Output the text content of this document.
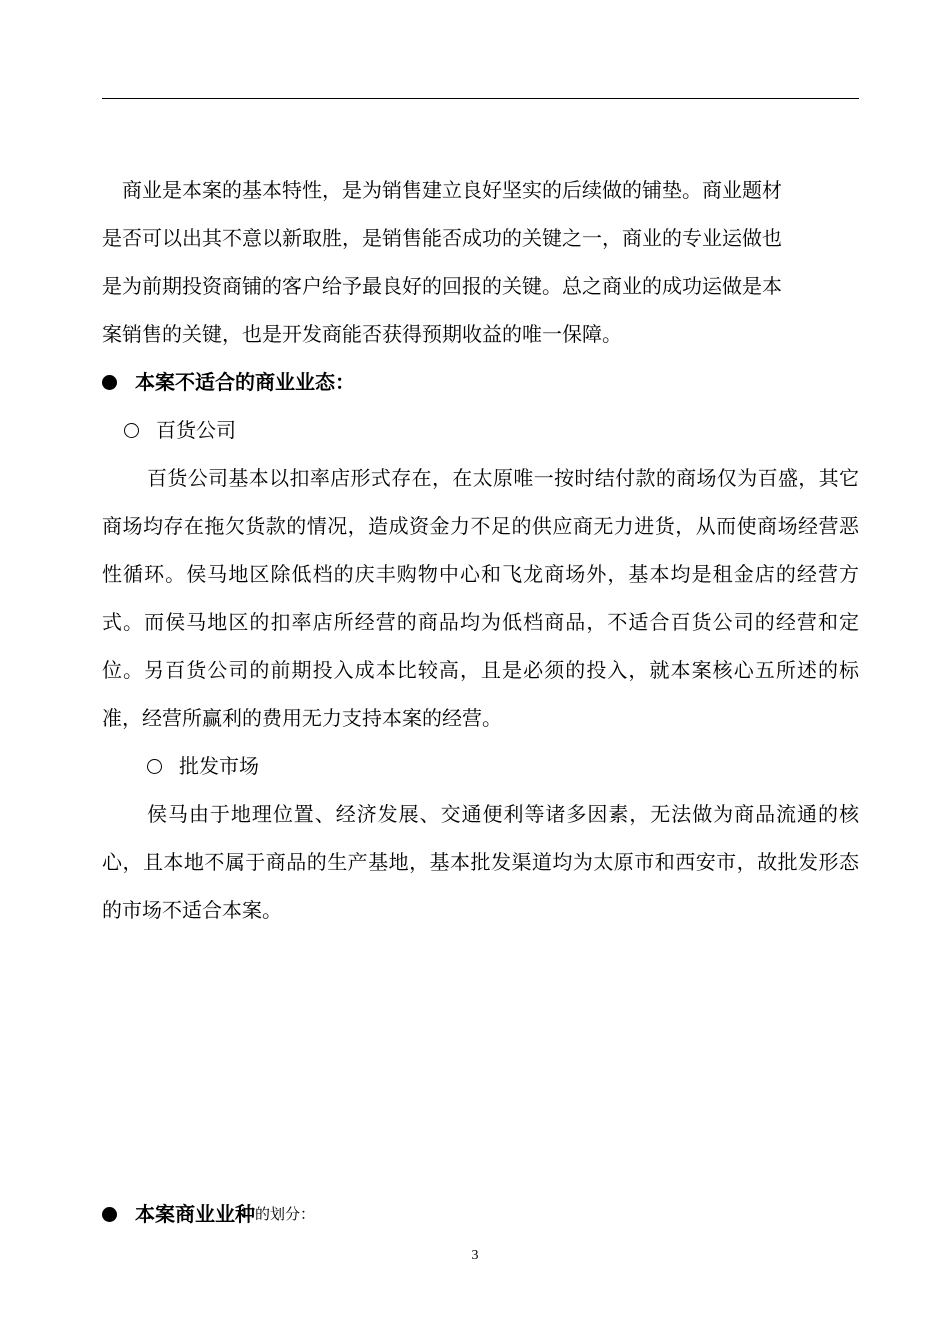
商业是本案的基本特性，是为销售建立良好坚实的后续做的铺垫。商业题材
是否可以出其不意以新取胜，是销售能否成功的关键之一，商业的专业运做也
是为前期投资商铺的客户给予最良好的回报的关键。总之商业的成功运做是本
案销售的关键，也是开发商能否获得预期收益的唯一保障。

本案不适合的商业业态：
百货公司

百货公司基本以扣率店形式存在，在太原唯一按时结付款的商场仅为百盛，其它商场均存在拖欠货款的情况，造成资金力不足的供应商无力进货，从而使商场经营恶性循环。侯马地区除低档的庆丰购物中心和飞龙商场外，基本均是租金店的经营方式。而侯马地区的扣率店所经营的商品均为低档商品，不适合百货公司的经营和定位。另百货公司的前期投入成本比较高，且是必须的投入，就本案核心五所述的标准，经营所赢利的费用无力支持本案的经营。

批发市场

侯马由于地理位置、经济发展、交通便利等诸多因素，无法做为商品流通的核心，且本地不属于商品的生产基地，基本批发渠道均为太原市和西安市，故批发形态的市场不适合本案。

本案商业业种 的划分：
3
